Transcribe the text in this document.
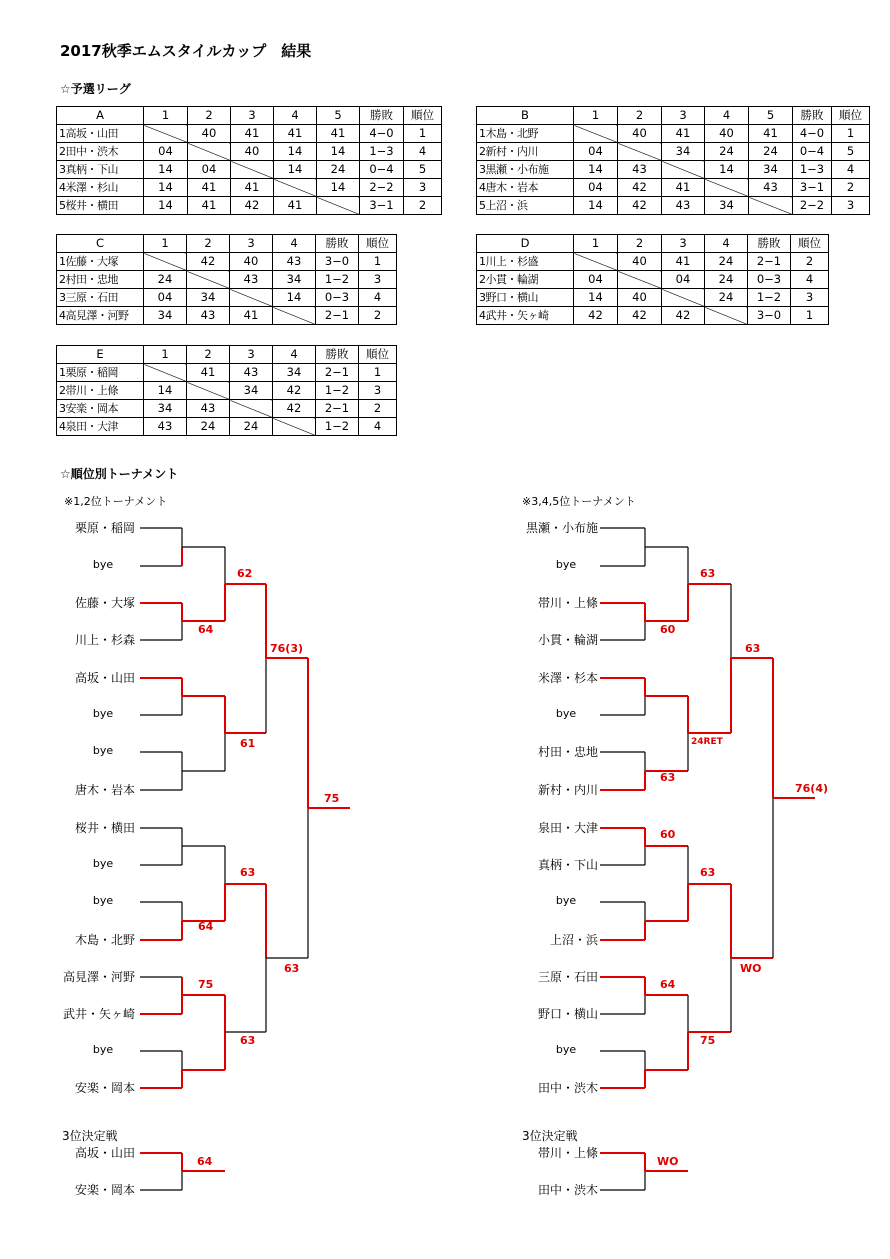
2017秋季エムスタイルカップ　結果
☆予選リーグ
☆順位別トーナメント
A	1	2	3	4	5	勝敗	順位
1高坂・山田		40	41	41	41	4−0	1
2田中・渋木	04		40	14	14	1−3	4
3真柄・下山	14	04		14	24	0−4	5
4米澤・杉山	14	41	41		14	2−2	3
5桜井・横田	14	41	42	41		3−1	2
B	1	2	3	4	5	勝敗	順位
1木島・北野		40	41	40	41	4−0	1
2新村・内川	04		34	24	24	0−4	5
3黒瀬・小布施	14	43		14	34	1−3	4
4唐木・岩本	04	42	41		43	3−1	2
5上沼・浜	14	42	43	34		2−2	3
C	1	2	3	4	勝敗	順位
1佐藤・大塚		42	40	43	3−0	1
2村田・忠地	24		43	34	1−2	3
3三原・石田	04	34		14	0−3	4
4高見澤・河野	34	43	41		2−1	2
D	1	2	3	4	勝敗	順位
1川上・杉盛		40	41	24	2−1	2
2小貫・輪湖	04		04	24	0−3	4
3野口・横山	14	40		24	1−2	3
4武井・矢ヶ崎	42	42	42		3−0	1
E	1	2	3	4	勝敗	順位
1栗原・稲岡		41	43	34	2−1	1
2帯川・上條	14		34	42	1−2	3
3安楽・岡本	34	43		42	2−1	2
4泉田・大津	43	24	24		1−2	4
※1,2位トーナメント	※3,4,5位トーナメント
3位決定戦	3位決定戦
栗原・稲岡
bye
佐藤・大塚
川上・杉森
高坂・山田
bye
bye
唐木・岩本
桜井・横田
bye
bye
木島・北野
高見澤・河野
武井・矢ヶ崎
bye
安楽・岡本
62
64
76(3)
61
75
63
64
63
75
63
高坂・山田
安楽・岡本
64
黒瀬・小布施
bye
帯川・上條
小貫・輪湖
米澤・杉本
bye
村田・忠地
新村・内川
泉田・大津
真柄・下山
bye
上沼・浜
三原・石田
野口・横山
bye
田中・渋木
63
60
63
24RET
63
76(4)
60
63
WO
64
75
帯川・上條
田中・渋木
WO
